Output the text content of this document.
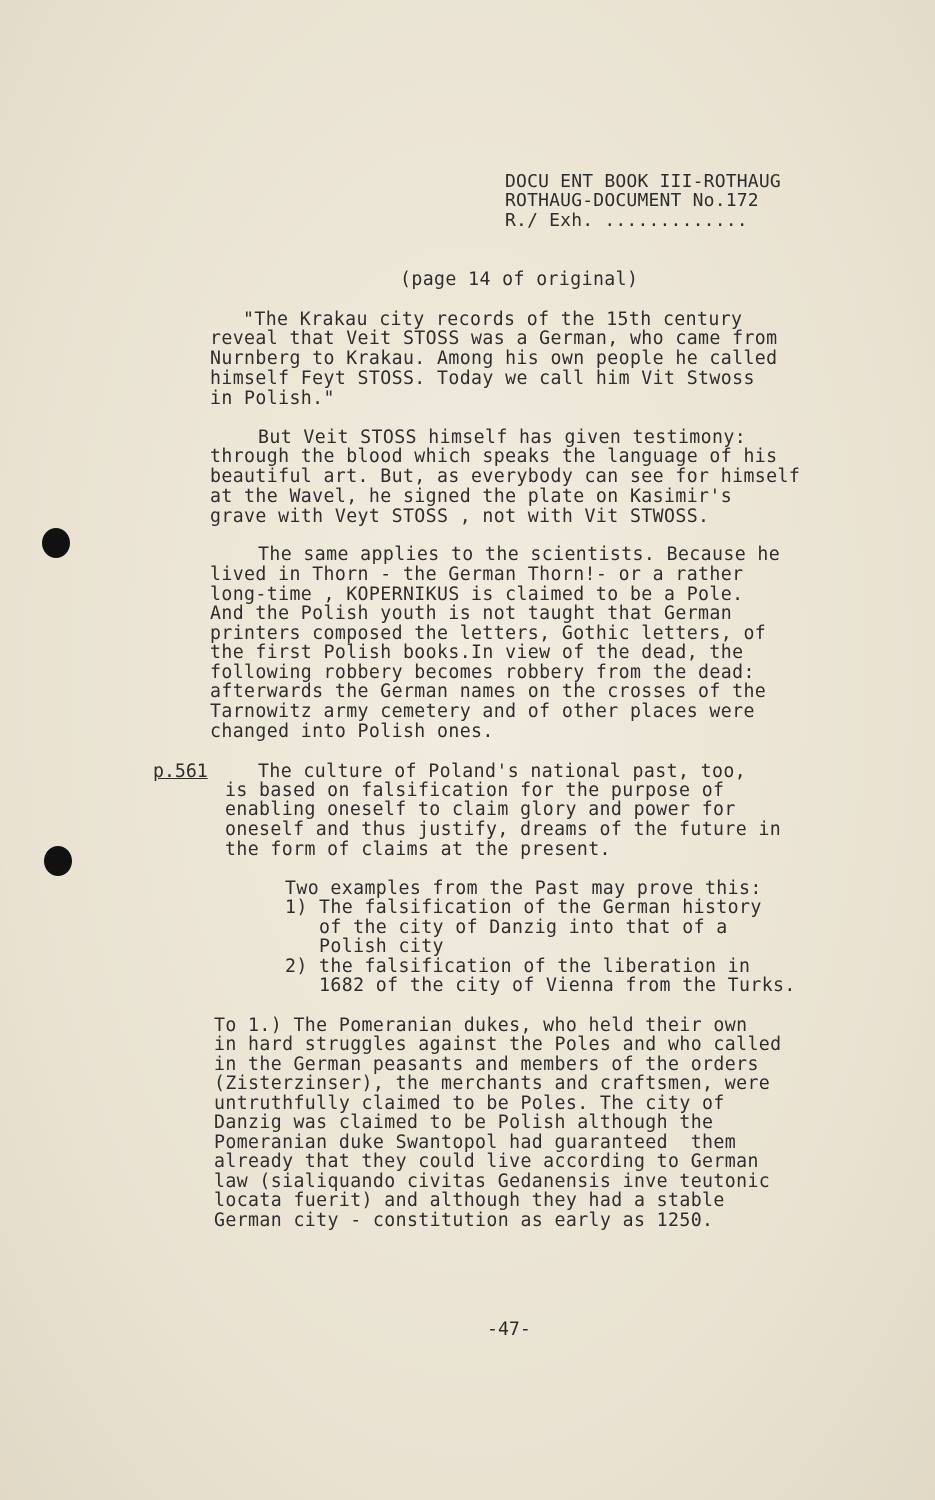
DOCU ENT BOOK III-ROTHAUG
ROTHAUG-DOCUMENT No.172
R./ Exh. .............
(page 14 of original)
"The Krakau city records of the 15th century
reveal that Veit STOSS was a German, who came from
Nurnberg to Krakau. Among his own people he called
himself Feyt STOSS. Today we call him Vit Stwoss
in Polish."
But Veit STOSS himself has given testimony:
through the blood which speaks the language of his
beautiful art. But, as everybody can see for himself
at the Wavel, he signed the plate on Kasimir's
grave with Veyt STOSS , not with Vit STWOSS.
The same applies to the scientists. Because he
lived in Thorn - the German Thorn!- or a rather
long-time , KOPERNIKUS is claimed to be a Pole.
And the Polish youth is not taught that German
printers composed the letters, Gothic letters, of
the first Polish books.In view of the dead, the
following robbery becomes robbery from the dead:
afterwards the German names on the crosses of the
Tarnowitz army cemetery and of other places were
changed into Polish ones.
p.561	The culture of Poland's national past, too,
is based on falsification for the purpose of
enabling oneself to claim glory and power for
oneself and thus justify, dreams of the future in
the form of claims at the present.
Two examples from the Past may prove this:
1) The falsification of the German history
of the city of Danzig into that of a
Polish city
2) the falsification of the liberation in
1682 of the city of Vienna from the Turks.
To 1.) The Pomeranian dukes, who held their own
in hard struggles against the Poles and who called
in the German peasants and members of the orders
(Zisterzinser), the merchants and craftsmen, were
untruthfully claimed to be Poles. The city of
Danzig was claimed to be Polish although the
Pomeranian duke Swantopol had guaranteed  them
already that they could live according to German
law (sialiquando civitas Gedanensis inve teutonic
locata fuerit) and although they had a stable
German city - constitution as early as 1250.
-47-
